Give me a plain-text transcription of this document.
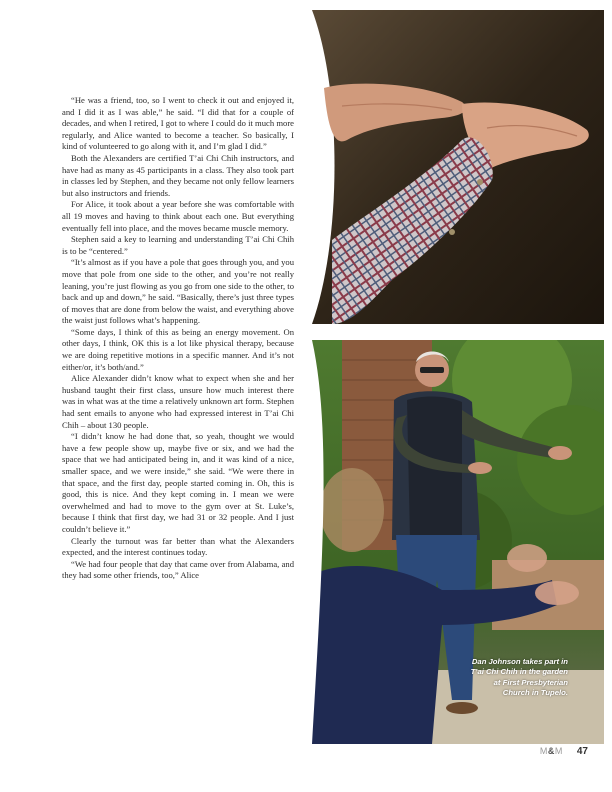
“He was a friend, too, so I went to check it out and enjoyed it, and I did it as I was able,” he said. “I did that for a couple of decades, and when I retired, I got to where I could do it much more regularly, and Alice wanted to become a teacher. So basically, I kind of volunteered to go along with it, and I’m glad I did.”

Both the Alexanders are certified T’ai Chi Chih instructors, and have had as many as 45 participants in a class. They also took part in classes led by Stephen, and they became not only fellow learners but also instructors and friends.

For Alice, it took about a year before she was comfortable with all 19 moves and having to think about each one. But everything eventually fell into place, and the moves became muscle memory.

Stephen said a key to learning and understanding T’ai Chi Chih is to be “centered.”

“It’s almost as if you have a pole that goes through you, and you move that pole from one side to the other, and you’re not really leaning, you’re just flowing as you go from one side to the other, to back and up and down,” he said. “Basically, there’s just three types of moves that are done from below the waist, and everything above the waist just follows what’s happening.

“Some days, I think of this as being an energy movement. On other days, I think, OK this is a lot like physical therapy, because we are doing repetitive motions in a specific manner. And it’s not either/or, it’s both/and.”

Alice Alexander didn’t know what to expect when she and her husband taught their first class, unsure how much interest there was in what was at the time a relatively unknown art form. Stephen had sent emails to anyone who had expressed interest in T’ai Chi Chih – about 130 people.

“I didn’t know he had done that, so yeah, thought we would have a few people show up, maybe five or six, and we had the space that we had anticipated being in, and it was kind of a nice, smaller space, and we were inside,” she said. “We were there in that space, and the first day, people started coming in. Oh, this is good, this is nice. And they kept coming in. I mean we were overwhelmed and had to move to the gym over at St. Luke’s, because I think that first day, we had 31 or 32 people. And I just couldn’t believe it.”

Clearly the turnout was far better than what the Alexanders expected, and the interest continues today.

“We had four people that day that came over from Alabama, and they had some other friends, too,” Alice

Dan Johnson takes part in T’ai Chi Chih in the garden at First Presbyterian Church in Tupelo.
M&M 47
